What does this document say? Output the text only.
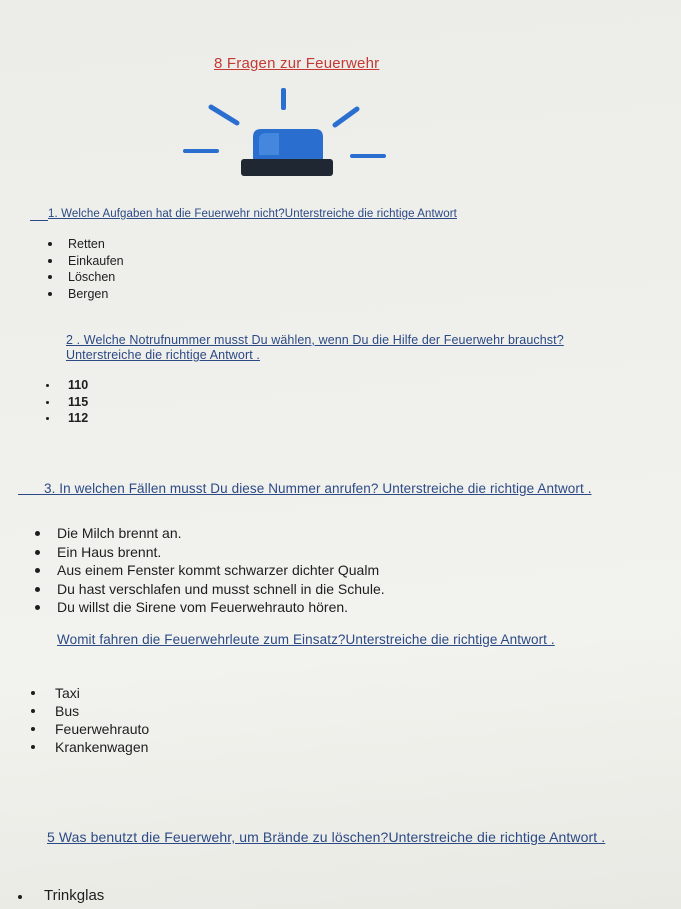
8 Fragen zur Feuerwehr
1. Welche Aufgaben hat die Feuerwehr nicht?Unterstreiche die richtige Antwort
Retten
Einkaufen
Löschen
Bergen
2 . Welche Notrufnummer musst Du wählen, wenn Du die Hilfe der Feuerwehr brauchst?Unterstreiche die richtige Antwort .
110
115
112
3. In welchen Fällen musst Du diese Nummer anrufen? Unterstreiche die richtige Antwort .
Die Milch brennt an.
Ein Haus brennt.
Aus einem Fenster kommt schwarzer dichter Qualm
Du hast verschlafen und musst schnell in die Schule.
Du willst die Sirene vom Feuerwehrauto hören.
Womit fahren die Feuerwehrleute zum Einsatz?Unterstreiche die richtige Antwort .
Taxi
Bus
Feuerwehrauto
Krankenwagen
5 Was benutzt die Feuerwehr, um Brände zu löschen?Unterstreiche die richtige Antwort .
Trinkglas
